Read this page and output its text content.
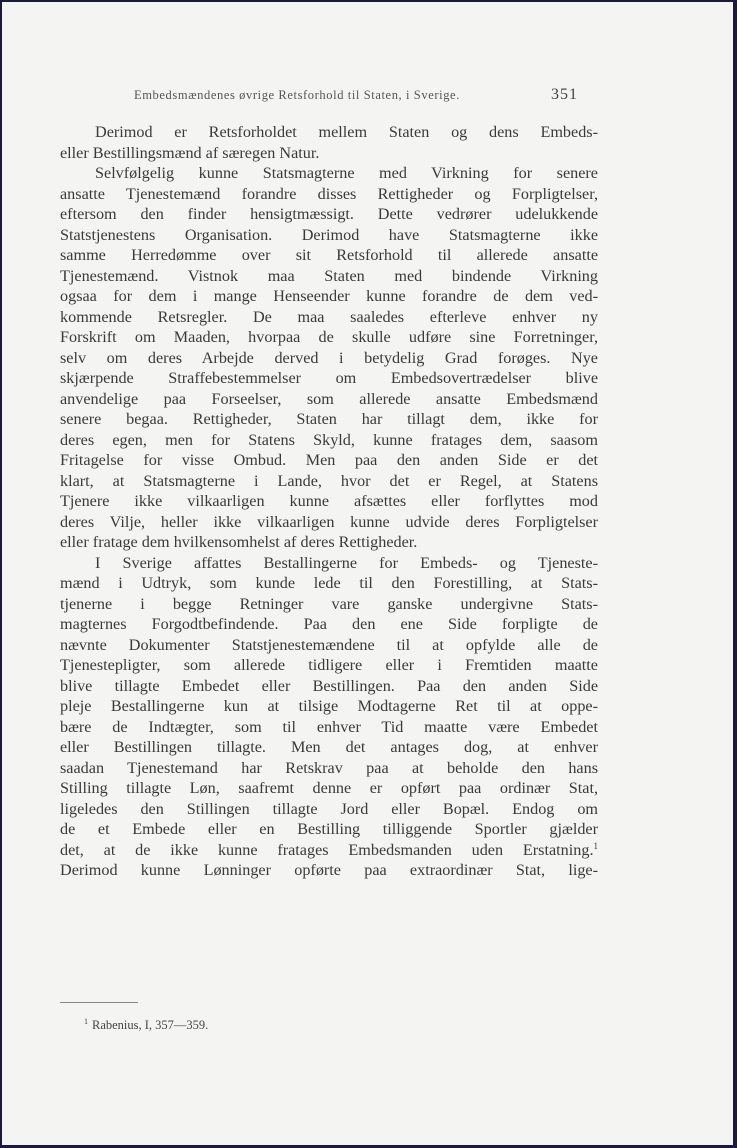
Embedsmændenes øvrige Retsforhold til Staten, i Sverige.	351
Derimod er Retsforholdet mellem Staten og dens Embeds-
eller Bestillingsmænd af særegen Natur.
Selvfølgelig kunne Statsmagterne med Virkning for senere
ansatte Tjenestemænd forandre disses Rettigheder og Forpligtelser,
eftersom den finder hensigtmæssigt. Dette vedrører udelukkende
Statstjenestens Organisation. Derimod have Statsmagterne ikke
samme Herredømme over sit Retsforhold til allerede ansatte
Tjenestemænd. Vistnok maa Staten med bindende Virkning
ogsaa for dem i mange Henseender kunne forandre de dem ved-
kommende Retsregler. De maa saaledes efterleve enhver ny
Forskrift om Maaden, hvorpaa de skulle udføre sine Forretninger,
selv om deres Arbejde derved i betydelig Grad forøges. Nye
skjærpende Straffebestemmelser om Embedsovertrædelser blive
anvendelige paa Forseelser, som allerede ansatte Embedsmænd
senere begaa. Rettigheder, Staten har tillagt dem, ikke for
deres egen, men for Statens Skyld, kunne fratages dem, saasom
Fritagelse for visse Ombud. Men paa den anden Side er det
klart, at Statsmagterne i Lande, hvor det er Regel, at Statens
Tjenere ikke vilkaarligen kunne afsættes eller forflyttes mod
deres Vilje, heller ikke vilkaarligen kunne udvide deres Forpligtelser
eller fratage dem hvilkensomhelst af deres Rettigheder.
I Sverige affattes Bestallingerne for Embeds- og Tjeneste-
mænd i Udtryk, som kunde lede til den Forestilling, at Stats-
tjenerne i begge Retninger vare ganske undergivne Stats-
magternes Forgodtbefindende. Paa den ene Side forpligte de
nævnte Dokumenter Statstjenestemændene til at opfylde alle de
Tjenestepligter, som allerede tidligere eller i Fremtiden maatte
blive tillagte Embedet eller Bestillingen. Paa den anden Side
pleje Bestallingerne kun at tilsige Modtagerne Ret til at oppe-
bære de Indtægter, som til enhver Tid maatte være Embedet
eller Bestillingen tillagte. Men det antages dog, at enhver
saadan Tjenestemand har Retskrav paa at beholde den hans
Stilling tillagte Løn, saafremt denne er opført paa ordinær Stat,
ligeledes den Stillingen tillagte Jord eller Bopæl. Endog om
de et Embede eller en Bestilling tilliggende Sportler gjælder
det, at de ikke kunne fratages Embedsmanden uden Erstatning.$^1$
Derimod kunne Lønninger opførte paa extraordinær Stat, lige-
$^1$ Rabenius, I, 357—359.
